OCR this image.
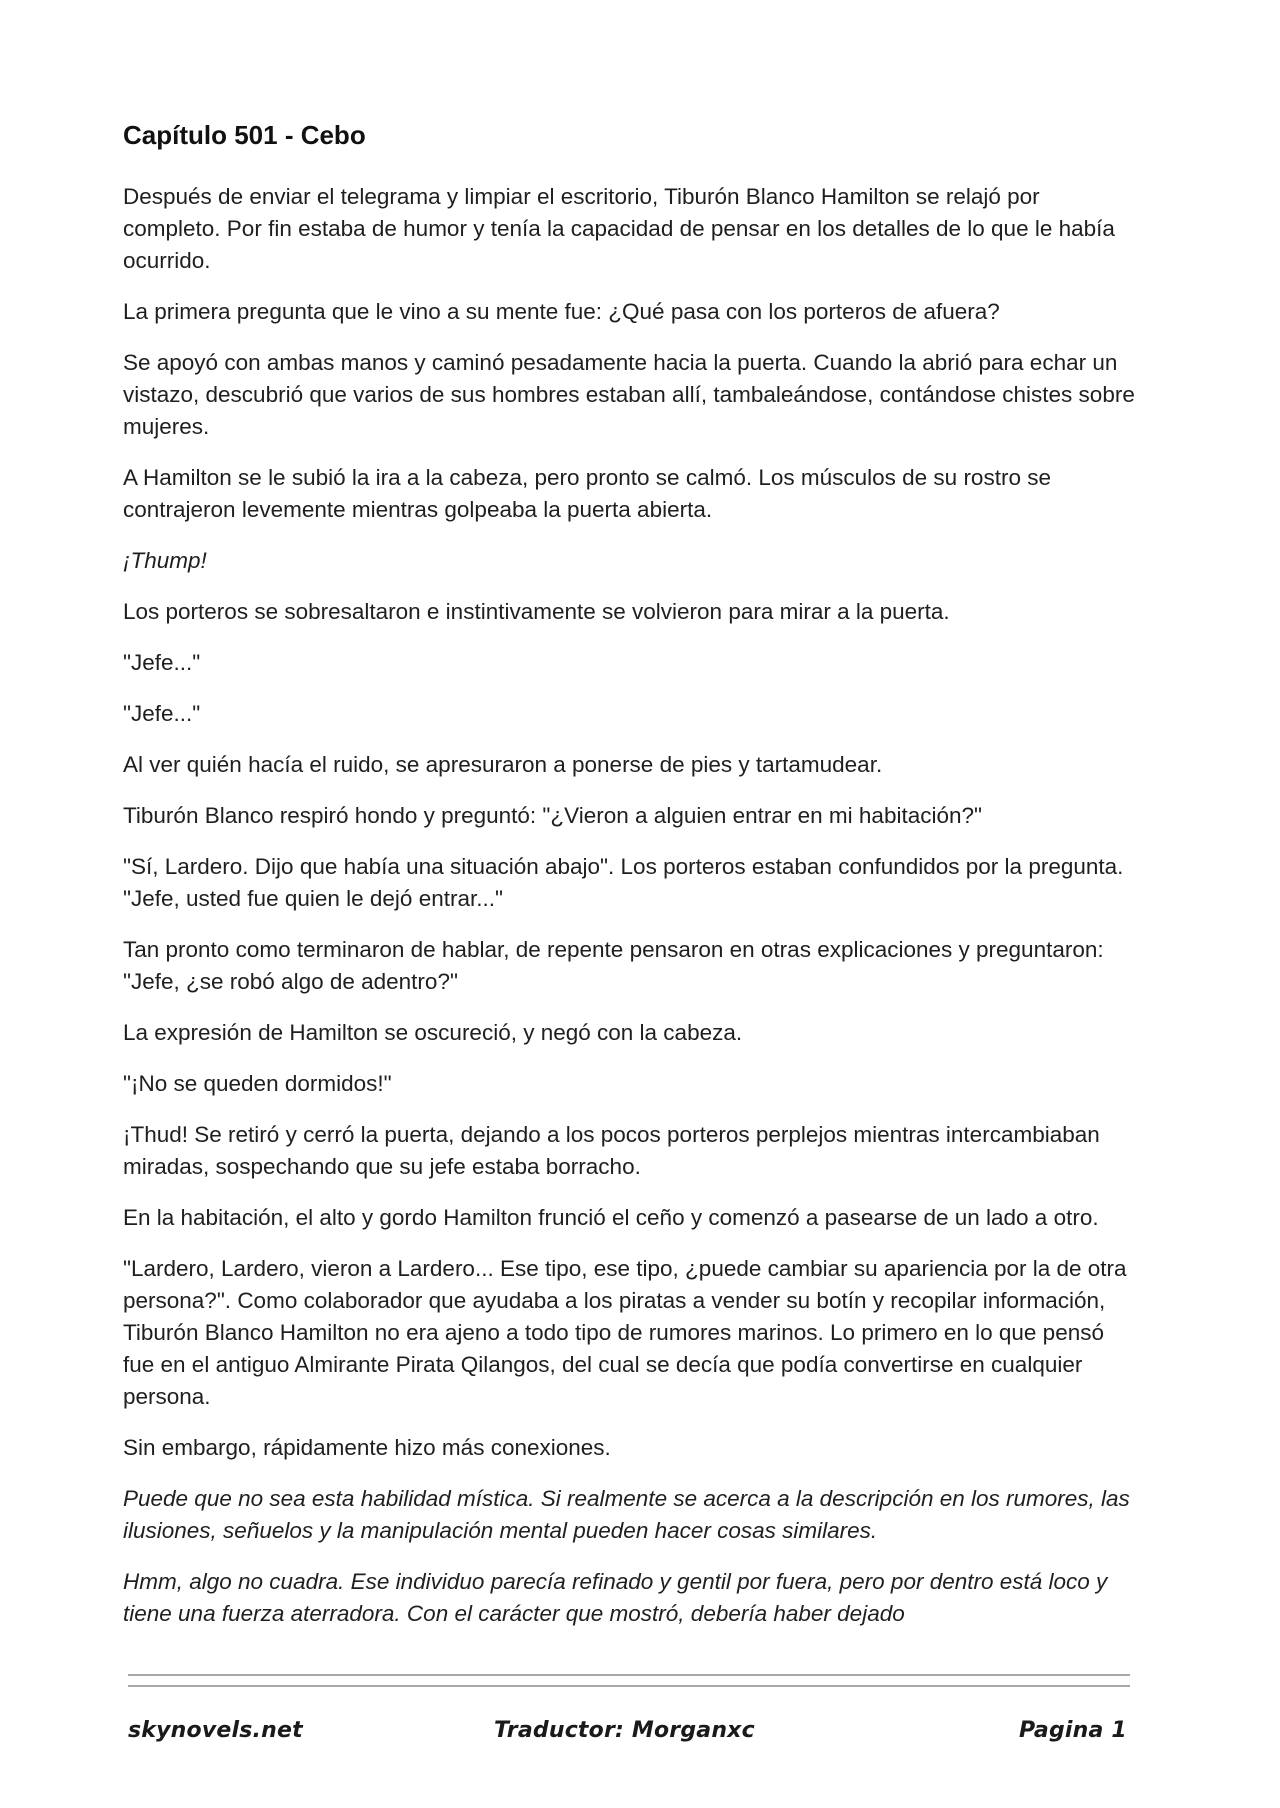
Capítulo 501 - Cebo

Después de enviar el telegrama y limpiar el escritorio, Tiburón Blanco Hamilton se relajó por completo. Por fin estaba de humor y tenía la capacidad de pensar en los detalles de lo que le había ocurrido.

La primera pregunta que le vino a su mente fue: ¿Qué pasa con los porteros de afuera?

Se apoyó con ambas manos y caminó pesadamente hacia la puerta. Cuando la abrió para echar un vistazo, descubrió que varios de sus hombres estaban allí, tambaleándose, contándose chistes sobre mujeres.

A Hamilton se le subió la ira a la cabeza, pero pronto se calmó. Los músculos de su rostro se contrajeron levemente mientras golpeaba la puerta abierta.

¡Thump!

Los porteros se sobresaltaron e instintivamente se volvieron para mirar a la puerta.

"Jefe..."

"Jefe..."

Al ver quién hacía el ruido, se apresuraron a ponerse de pies y tartamudear.

Tiburón Blanco respiró hondo y preguntó: "¿Vieron a alguien entrar en mi habitación?"

"Sí, Lardero. Dijo que había una situación abajo". Los porteros estaban confundidos por la pregunta. "Jefe, usted fue quien le dejó entrar..."

Tan pronto como terminaron de hablar, de repente pensaron en otras explicaciones y preguntaron: "Jefe, ¿se robó algo de adentro?"

La expresión de Hamilton se oscureció, y negó con la cabeza.

"¡No se queden dormidos!"

¡Thud! Se retiró y cerró la puerta, dejando a los pocos porteros perplejos mientras intercambiaban miradas, sospechando que su jefe estaba borracho.

En la habitación, el alto y gordo Hamilton frunció el ceño y comenzó a pasearse de un lado a otro.

"Lardero, Lardero, vieron a Lardero... Ese tipo, ese tipo, ¿puede cambiar su apariencia por la de otra persona?". Como colaborador que ayudaba a los piratas a vender su botín y recopilar información, Tiburón Blanco Hamilton no era ajeno a todo tipo de rumores marinos. Lo primero en lo que pensó fue en el antiguo Almirante Pirata Qilangos, del cual se decía que podía convertirse en cualquier persona.

Sin embargo, rápidamente hizo más conexiones.

Puede que no sea esta habilidad mística. Si realmente se acerca a la descripción en los rumores, las ilusiones, señuelos y la manipulación mental pueden hacer cosas similares.

Hmm, algo no cuadra. Ese individuo parecía refinado y gentil por fuera, pero por dentro está loco y tiene una fuerza aterradora. Con el carácter que mostró, debería haber dejado

skynovels.net	Traductor: Morganxc	Pagina 1
